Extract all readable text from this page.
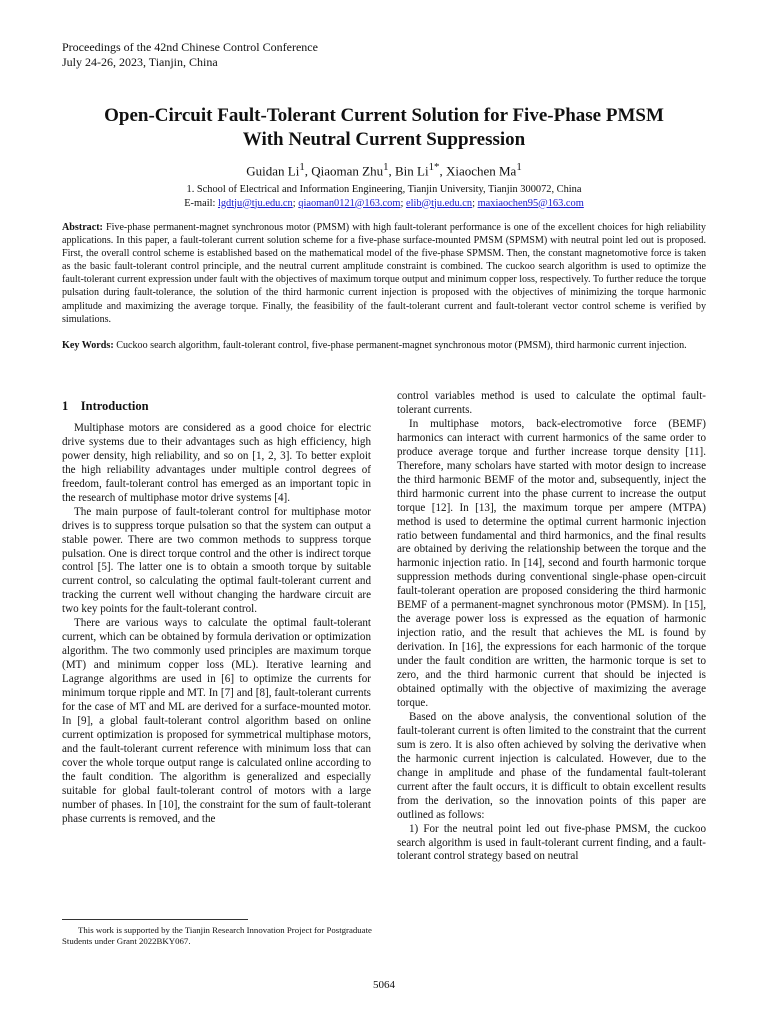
Proceedings of the 42nd Chinese Control Conference
July 24-26, 2023, Tianjin, China
Open-Circuit Fault-Tolerant Current Solution for Five-Phase PMSM
With Neutral Current Suppression
Guidan Li$^1$, Qiaoman Zhu$^1$, Bin $Li^{1*}$, Xiaochen Ma$^1$
1. School of Electrical and Information Engineering, Tianjin University, Tianjin 300072, China
E-mail: lgdtju@tju.edu.cn; qiaoman0121@163.com; elib@tju.edu.cn; maxiaochen95@163.com
Abstract: Five-phase permanent-magnet synchronous motor (PMSM) with high fault-tolerant performance is one of the excellent choices for high reliability applications. In this paper, a fault-tolerant current solution scheme for a five-phase surface-mounted PMSM (SPMSM) with neutral point led out is proposed. First, the overall control scheme is established based on the mathematical model of the five-phase SPMSM. Then, the constant magnetomotive force is taken as the basic fault-tolerant control principle, and the neutral current amplitude constraint is combined. The cuckoo search algorithm is used to optimize the fault-tolerant current expression under fault with the objectives of maximum torque output and minimum copper loss, respectively. To further reduce the torque pulsation during fault-tolerance, the solution of the third harmonic current injection is proposed with the objectives of minimizing the torque harmonic amplitude and maximizing the average torque. Finally, the feasibility of the fault-tolerant current and fault-tolerant vector control scheme is verified by simulations.
Key Words: Cuckoo search algorithm, fault-tolerant control, five-phase permanent-magnet synchronous motor (PMSM), third harmonic current injection.
1 Introduction

Multiphase motors are considered as a good choice for electric drive systems due to their advantages such as high efficiency, high power density, high reliability, and so on [1, 2, 3]. To better exploit the high reliability advantages under multiple control degrees of freedom, fault-tolerant control has emerged as an important topic in the research of multiphase motor drive systems [4].

The main purpose of fault-tolerant control for multiphase motor drives is to suppress torque pulsation so that the system can output a stable power. There are two common methods to suppress torque pulsation. One is direct torque control and the other is indirect torque control [5]. The latter one is to obtain a smooth torque by suitable current control, so calculating the optimal fault-tolerant current and tracking the current well without changing the hardware circuit are two key points for the fault-tolerant control.

There are various ways to calculate the optimal fault-tolerant current, which can be obtained by formula derivation or optimization algorithm. The two commonly used principles are maximum torque (MT) and minimum copper loss (ML). Iterative learning and Lagrange algorithms are used in [6] to optimize the currents for minimum torque ripple and MT. In [7] and [8], fault-tolerant currents for the case of MT and ML are derived for a surface-mounted motor. In [9], a global fault-tolerant control algorithm based on online current optimization is proposed for symmetrical multiphase motors, and the fault-tolerant current reference with minimum loss that can cover the whole torque output range is calculated online according to the fault condition. The algorithm is generalized and especially suitable for global fault-tolerant control of motors with a large number of phases. In [10], the constraint for the sum of fault-tolerant phase currents is removed, and the

control variables method is used to calculate the optimal fault-tolerant currents.

In multiphase motors, back-electromotive force (BEMF) harmonics can interact with current harmonics of the same order to produce average torque and further increase torque density [11]. Therefore, many scholars have started with motor design to increase the third harmonic BEMF of the motor and, subsequently, inject the third harmonic current into the phase current to increase the output torque [12]. In [13], the maximum torque per ampere (MTPA) method is used to determine the optimal current harmonic injection ratio between fundamental and third harmonics, and the final results are obtained by deriving the relationship between the torque and the harmonic injection ratio. In [14], second and fourth harmonic torque suppression methods during conventional single-phase open-circuit fault-tolerant operation are proposed considering the third harmonic BEMF of a permanent-magnet synchronous motor (PMSM). In [15], the average power loss is expressed as the equation of harmonic injection ratio, and the result that achieves the ML is found by derivation. In [16], the expressions for each harmonic of the torque under the fault condition are written, the harmonic torque is set to zero, and the third harmonic current that should be injected is obtained optimally with the objective of maximizing the average torque.

Based on the above analysis, the conventional solution of the fault-tolerant current is often limited to the constraint that the current sum is zero. It is also often achieved by solving the derivative when the harmonic current injection is calculated. However, due to the change in amplitude and phase of the fundamental fault-tolerant current after the fault occurs, it is difficult to obtain excellent results from the derivation, so the innovation points of this paper are outlined as follows:

1) For the neutral point led out five-phase PMSM, the cuckoo search algorithm is used in fault-tolerant current finding, and a fault-tolerant control strategy based on neutral

This work is supported by the Tianjin Research Innovation Project for Postgraduate Students under Grant 2022BKY067.
5064
